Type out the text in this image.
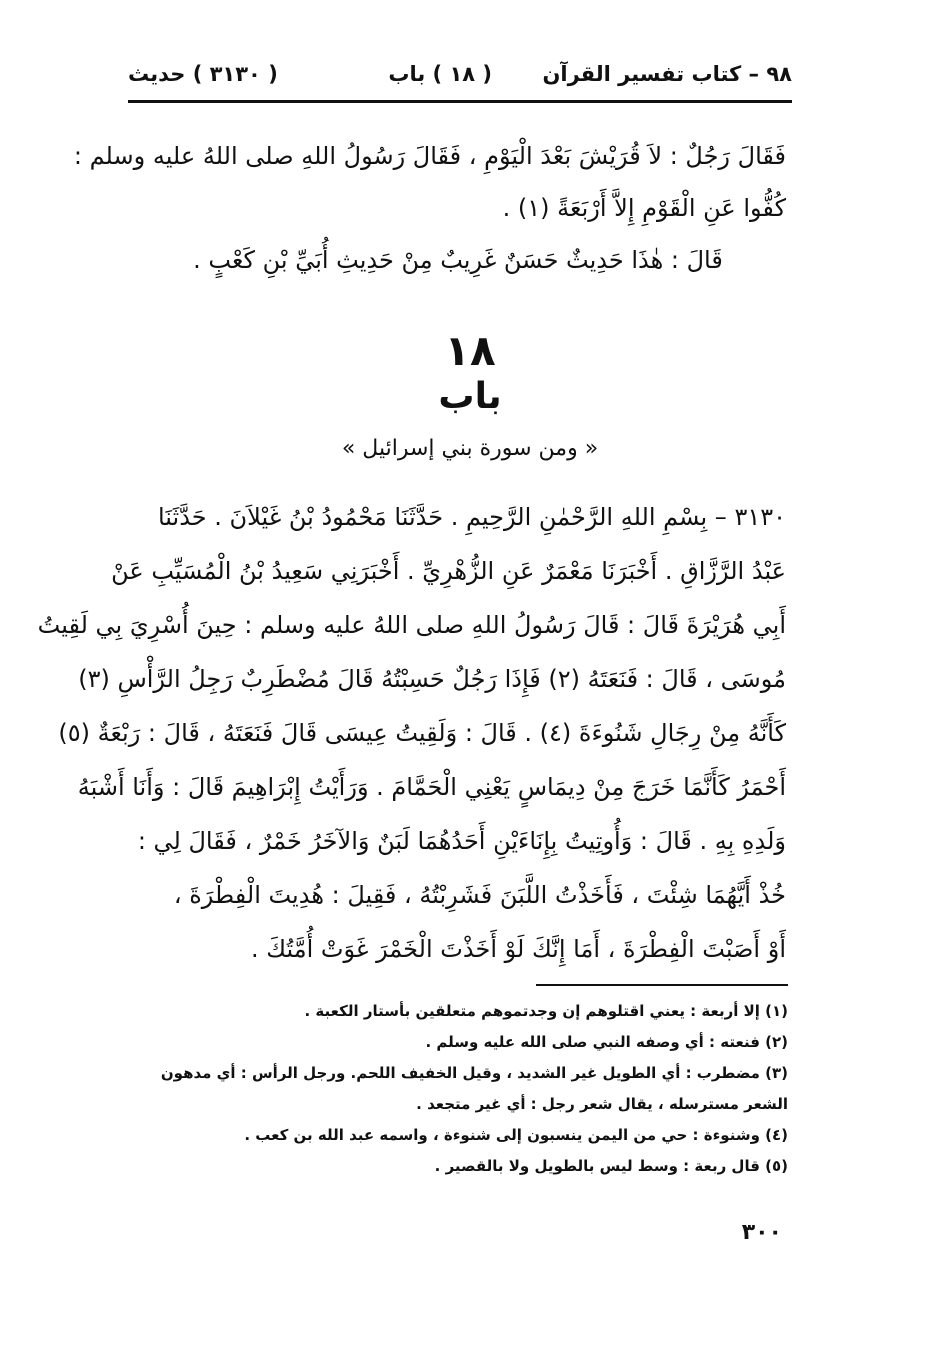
٩٨ – كتاب تفسير القرآن
( ١٨ ) باب
( ٣١٣٠ ) حديث
فَقَالَ رَجُلٌ : لاَ قُرَيْشَ بَعْدَ الْيَوْمِ ، فَقَالَ رَسُولُ اللهِ صلى اللهُ عليه وسلم :
كُفُّوا عَنِ الْقَوْمِ إِلاَّ أَرْبَعَةً (١) .
قَالَ : هٰذَا حَدِيثٌ حَسَنٌ غَرِيبٌ مِنْ حَدِيثِ أُبَيِّ بْنِ كَعْبٍ .
١٨
باب
« ومن سورة بني إسرائيل »
٣١٣٠ – بِسْمِ اللهِ الرَّحْمٰنِ الرَّحِيمِ . حَدَّثَنَا مَحْمُودُ بْنُ غَيْلاَنَ . حَدَّثَنَا
عَبْدُ الرَّزَّاقِ . أَخْبَرَنَا مَعْمَرٌ عَنِ الزُّهْرِيِّ . أَخْبَرَنِي سَعِيدُ بْنُ الْمُسَيِّبِ عَنْ
أَبِي هُرَيْرَةَ قَالَ : قَالَ رَسُولُ اللهِ صلى اللهُ عليه وسلم : حِينَ أُسْرِيَ بِي لَقِيتُ
مُوسَى ، قَالَ : فَنَعَتَهُ (٢) فَإِذَا رَجُلٌ حَسِبْتُهُ قَالَ مُضْطَرِبٌ رَجِلُ الرَّأْسِ (٣)
كَأَنَّهُ مِنْ رِجَالِ شَنُوءَةَ (٤) . قَالَ : وَلَقِيتُ عِيسَى قَالَ فَنَعَتَهُ ، قَالَ : رَبْعَةٌ (٥)
أَحْمَرُ كَأَنَّمَا خَرَجَ مِنْ دِيمَاسٍ يَعْنِي الْحَمَّامَ . وَرَأَيْتُ إِبْرَاهِيمَ قَالَ : وَأَنَا أَشْبَهُ
وَلَدِهِ بِهِ . قَالَ : وَأُوتِيتُ بِإِنَاءَيْنِ أَحَدُهُمَا لَبَنٌ وَالآخَرُ خَمْرٌ ، فَقَالَ لِي :
خُذْ أَيَّهُمَا شِئْتَ ، فَأَخَذْتُ اللَّبَنَ فَشَرِبْتُهُ ، فَقِيلَ : هُدِيتَ الْفِطْرَةَ ،
أَوْ أَصَبْتَ الْفِطْرَةَ ، أَمَا إِنَّكَ لَوْ أَخَذْتَ الْخَمْرَ غَوَتْ أُمَّتُكَ .
(١) إلا أربعة : يعني اقتلوهم إن وجدتموهم متعلقين بأستار الكعبة .
(٢) فنعته : أي وصفه النبي صلى الله عليه وسلم .
(٣) مضطرب : أي الطويل غير الشديد ، وقيل الخفيف اللحم. ورجل الرأس : أي مدهون
الشعر مسترسله ، يقال شعر رجل : أي غير متجعد .
(٤) وشنوءة : حي من اليمن ينسبون إلى شنوءة ، واسمه عبد الله بن كعب .
(٥) قال ربعة : وسط ليس بالطويل ولا بالقصير .
٣٠٠
